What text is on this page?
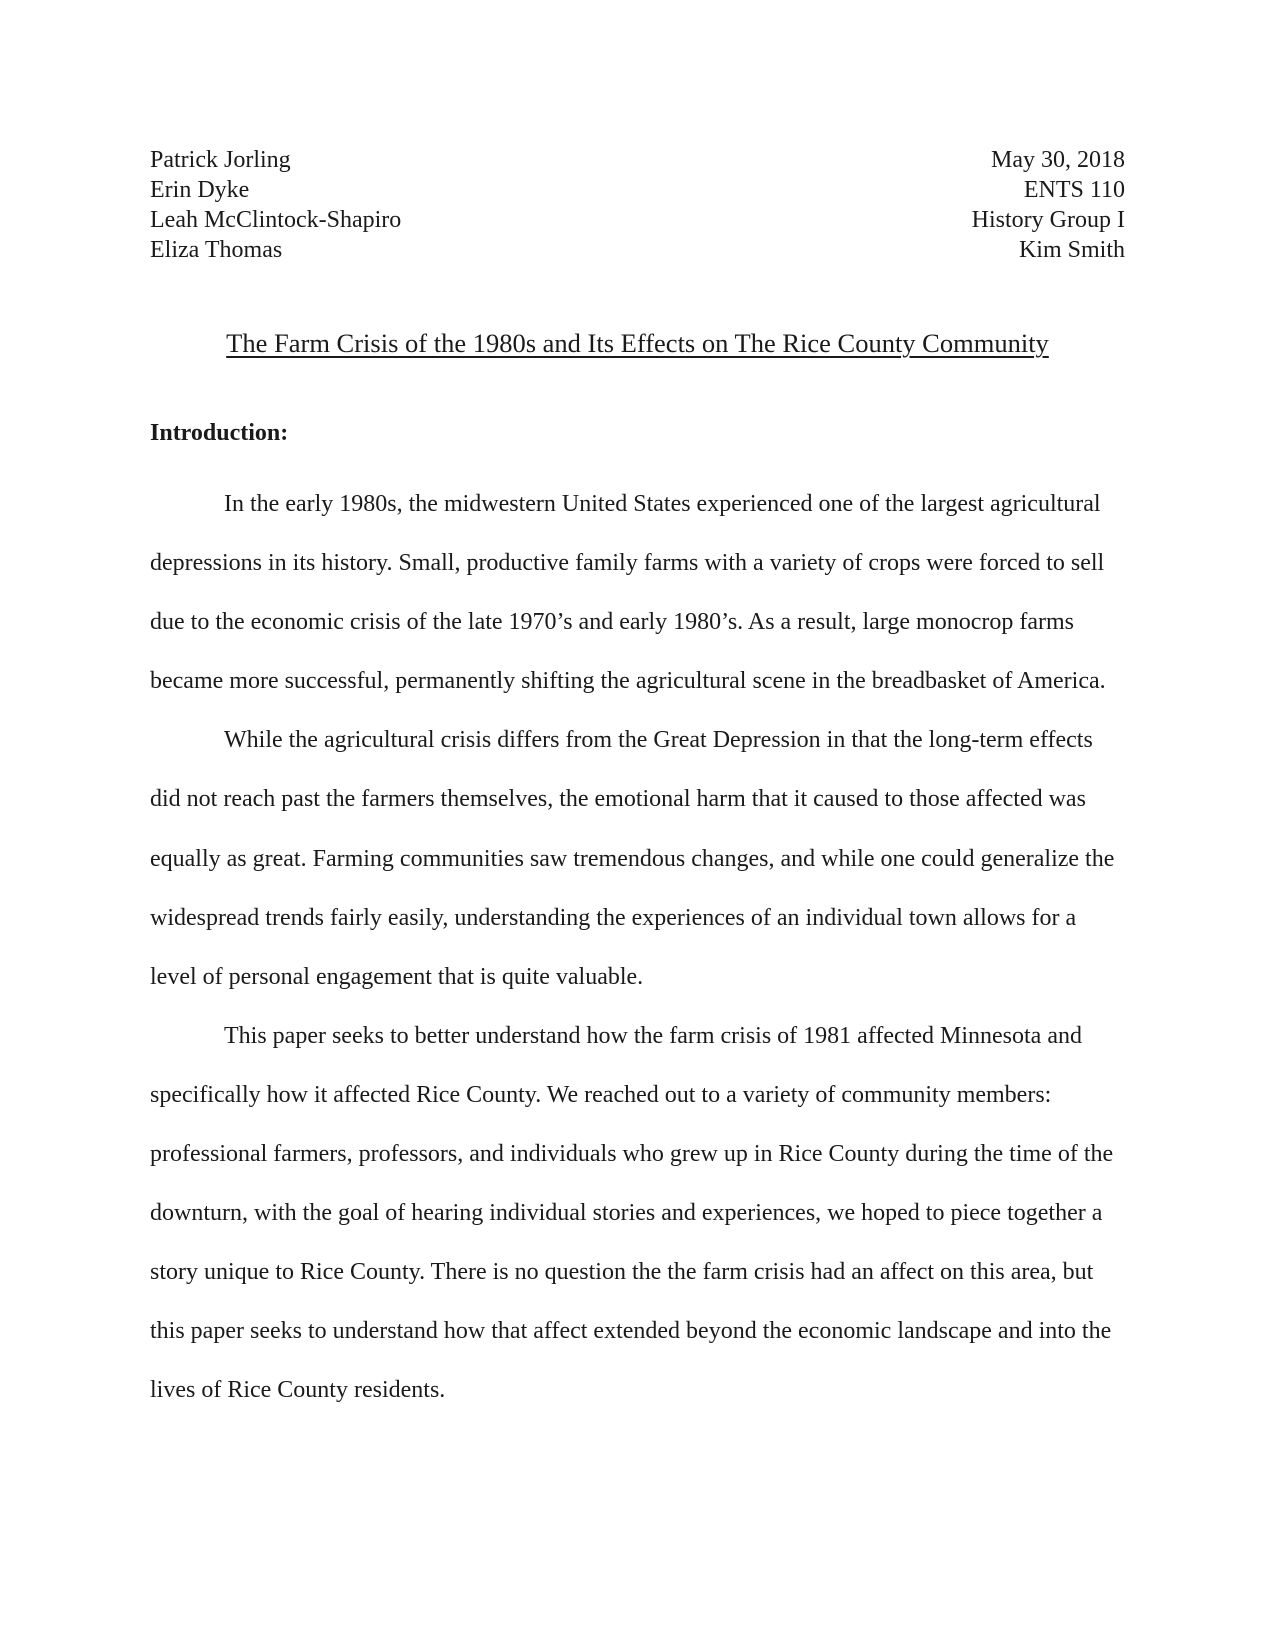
Patrick Jorling
Erin Dyke
Leah McClintock-Shapiro
Eliza Thomas
May 30, 2018
ENTS 110
History Group I
Kim Smith
The Farm Crisis of the 1980s and Its Effects on The Rice County Community
Introduction:

In the early 1980s, the midwestern United States experienced one of the largest agricultural depressions in its history. Small, productive family farms with a variety of crops were forced to sell due to the economic crisis of the late 1970’s and early 1980’s. As a result, large monocrop farms became more successful, permanently shifting the agricultural scene in the breadbasket of America.

While the agricultural crisis differs from the Great Depression in that the long-term effects did not reach past the farmers themselves, the emotional harm that it caused to those affected was equally as great. Farming communities saw tremendous changes, and while one could generalize the widespread trends fairly easily, understanding the experiences of an individual town allows for a level of personal engagement that is quite valuable.

This paper seeks to better understand how the farm crisis of 1981 affected Minnesota and specifically how it affected Rice County. We reached out to a variety of community members: professional farmers, professors, and individuals who grew up in Rice County during the time of the downturn, with the goal of hearing individual stories and experiences, we hoped to piece together a story unique to Rice County. There is no question the the farm crisis had an affect on this area, but this paper seeks to understand how that affect extended beyond the economic landscape and into the lives of Rice County residents.
